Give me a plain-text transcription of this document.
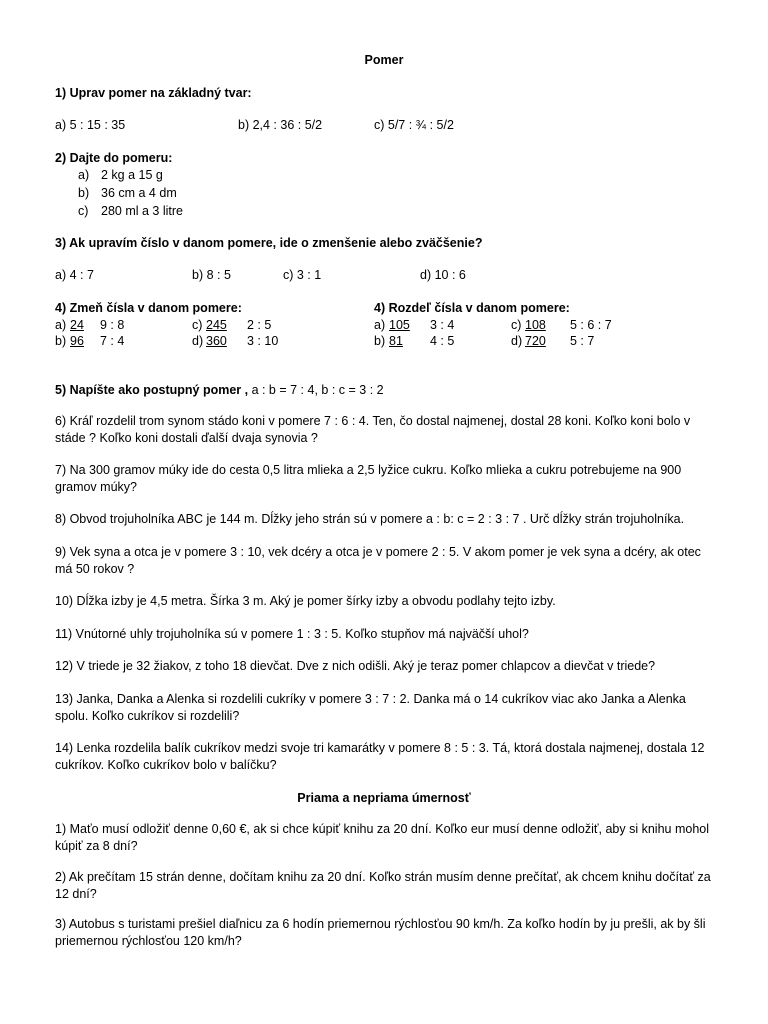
Pomer
1) Uprav pomer na základný tvar:
a) 5 : 15 : 35	b) 2,4 : 36 : 5/2	c) 5/7 : ¾ : 5/2
2) Dajte do pomeru:
a) 2 kg a 15 g
b) 36 cm a 4 dm
c) 280 ml a 3 litre
3) Ak upravím číslo v danom pomere, ide o zmenšenie alebo zväčšenie?
a) 4 : 7	b) 8 : 5	c) 3 : 1	d) 10 : 6
4) Zmeň čísla v danom pomere:
a) 24 9 : 8	c) 245 2 : 5
b) 96 7 : 4	d) 360 3 : 10
4) Rozdeľ čísla v danom pomere:
a) 105 3 : 4	c) 108 5 : 6 : 7
b) 81 4 : 5	d) 720 5 : 7
5) Napíšte ako postupný pomer , a : b = 7 : 4, b : c = 3 : 2
6) Kráľ rozdelil trom synom stádo koni v pomere 7 : 6 : 4. Ten, čo dostal najmenej, dostal 28 koni. Koľko koni bolo v stáde ? Koľko koni dostali ďalší dvaja synovia ?
7) Na 300 gramov múky ide do cesta 0,5 litra mlieka a 2,5 lyžice cukru. Koľko mlieka a cukru potrebujeme na 900 gramov múky?
8) Obvod trojuholníka ABC je 144 m. Dĺžky jeho strán sú v pomere a : b: c = 2 : 3 : 7 . Urč dĺžky strán trojuholníka.
9) Vek syna a otca je v pomere 3 : 10, vek dcéry a otca je v pomere 2 : 5. V akom pomer je vek syna a dcéry, ak otec má 50 rokov ?
10) Dĺžka izby je 4,5 metra. Šírka 3 m. Aký je pomer šírky izby a obvodu podlahy tejto izby.
11) Vnútorné uhly trojuholníka sú v pomere 1 : 3 : 5. Koľko stupňov má najväčší uhol?
12) V triede je 32 žiakov, z toho 18 dievčat. Dve z nich odišli. Aký je teraz pomer chlapcov a dievčat v triede?
13) Janka, Danka a Alenka si rozdelili cukríky v pomere 3 : 7 : 2. Danka má o 14 cukríkov viac ako Janka a Alenka spolu. Koľko cukríkov si rozdelili?
14) Lenka rozdelila balík cukríkov medzi svoje tri kamarátky v pomere 8 : 5 : 3. Tá, ktorá dostala najmenej, dostala 12 cukríkov. Koľko cukríkov bolo v balíčku?
Priama a nepriama úmernosť
1) Maťo musí odložiť denne 0,60 €, ak si chce kúpiť knihu za 20 dní. Koľko eur musí denne odložiť, aby si knihu mohol kúpiť za 8 dní?
2) Ak prečítam 15 strán denne, dočítam knihu za 20 dní. Koľko strán musím denne prečítať, ak chcem knihu dočítať za 12 dní?
3) Autobus s turistami prešiel diaľnicu za 6 hodín priemernou rýchlosťou 90 km/h. Za koľko hodín by ju prešli, ak by šli priemernou rýchlosťou 120 km/h?
